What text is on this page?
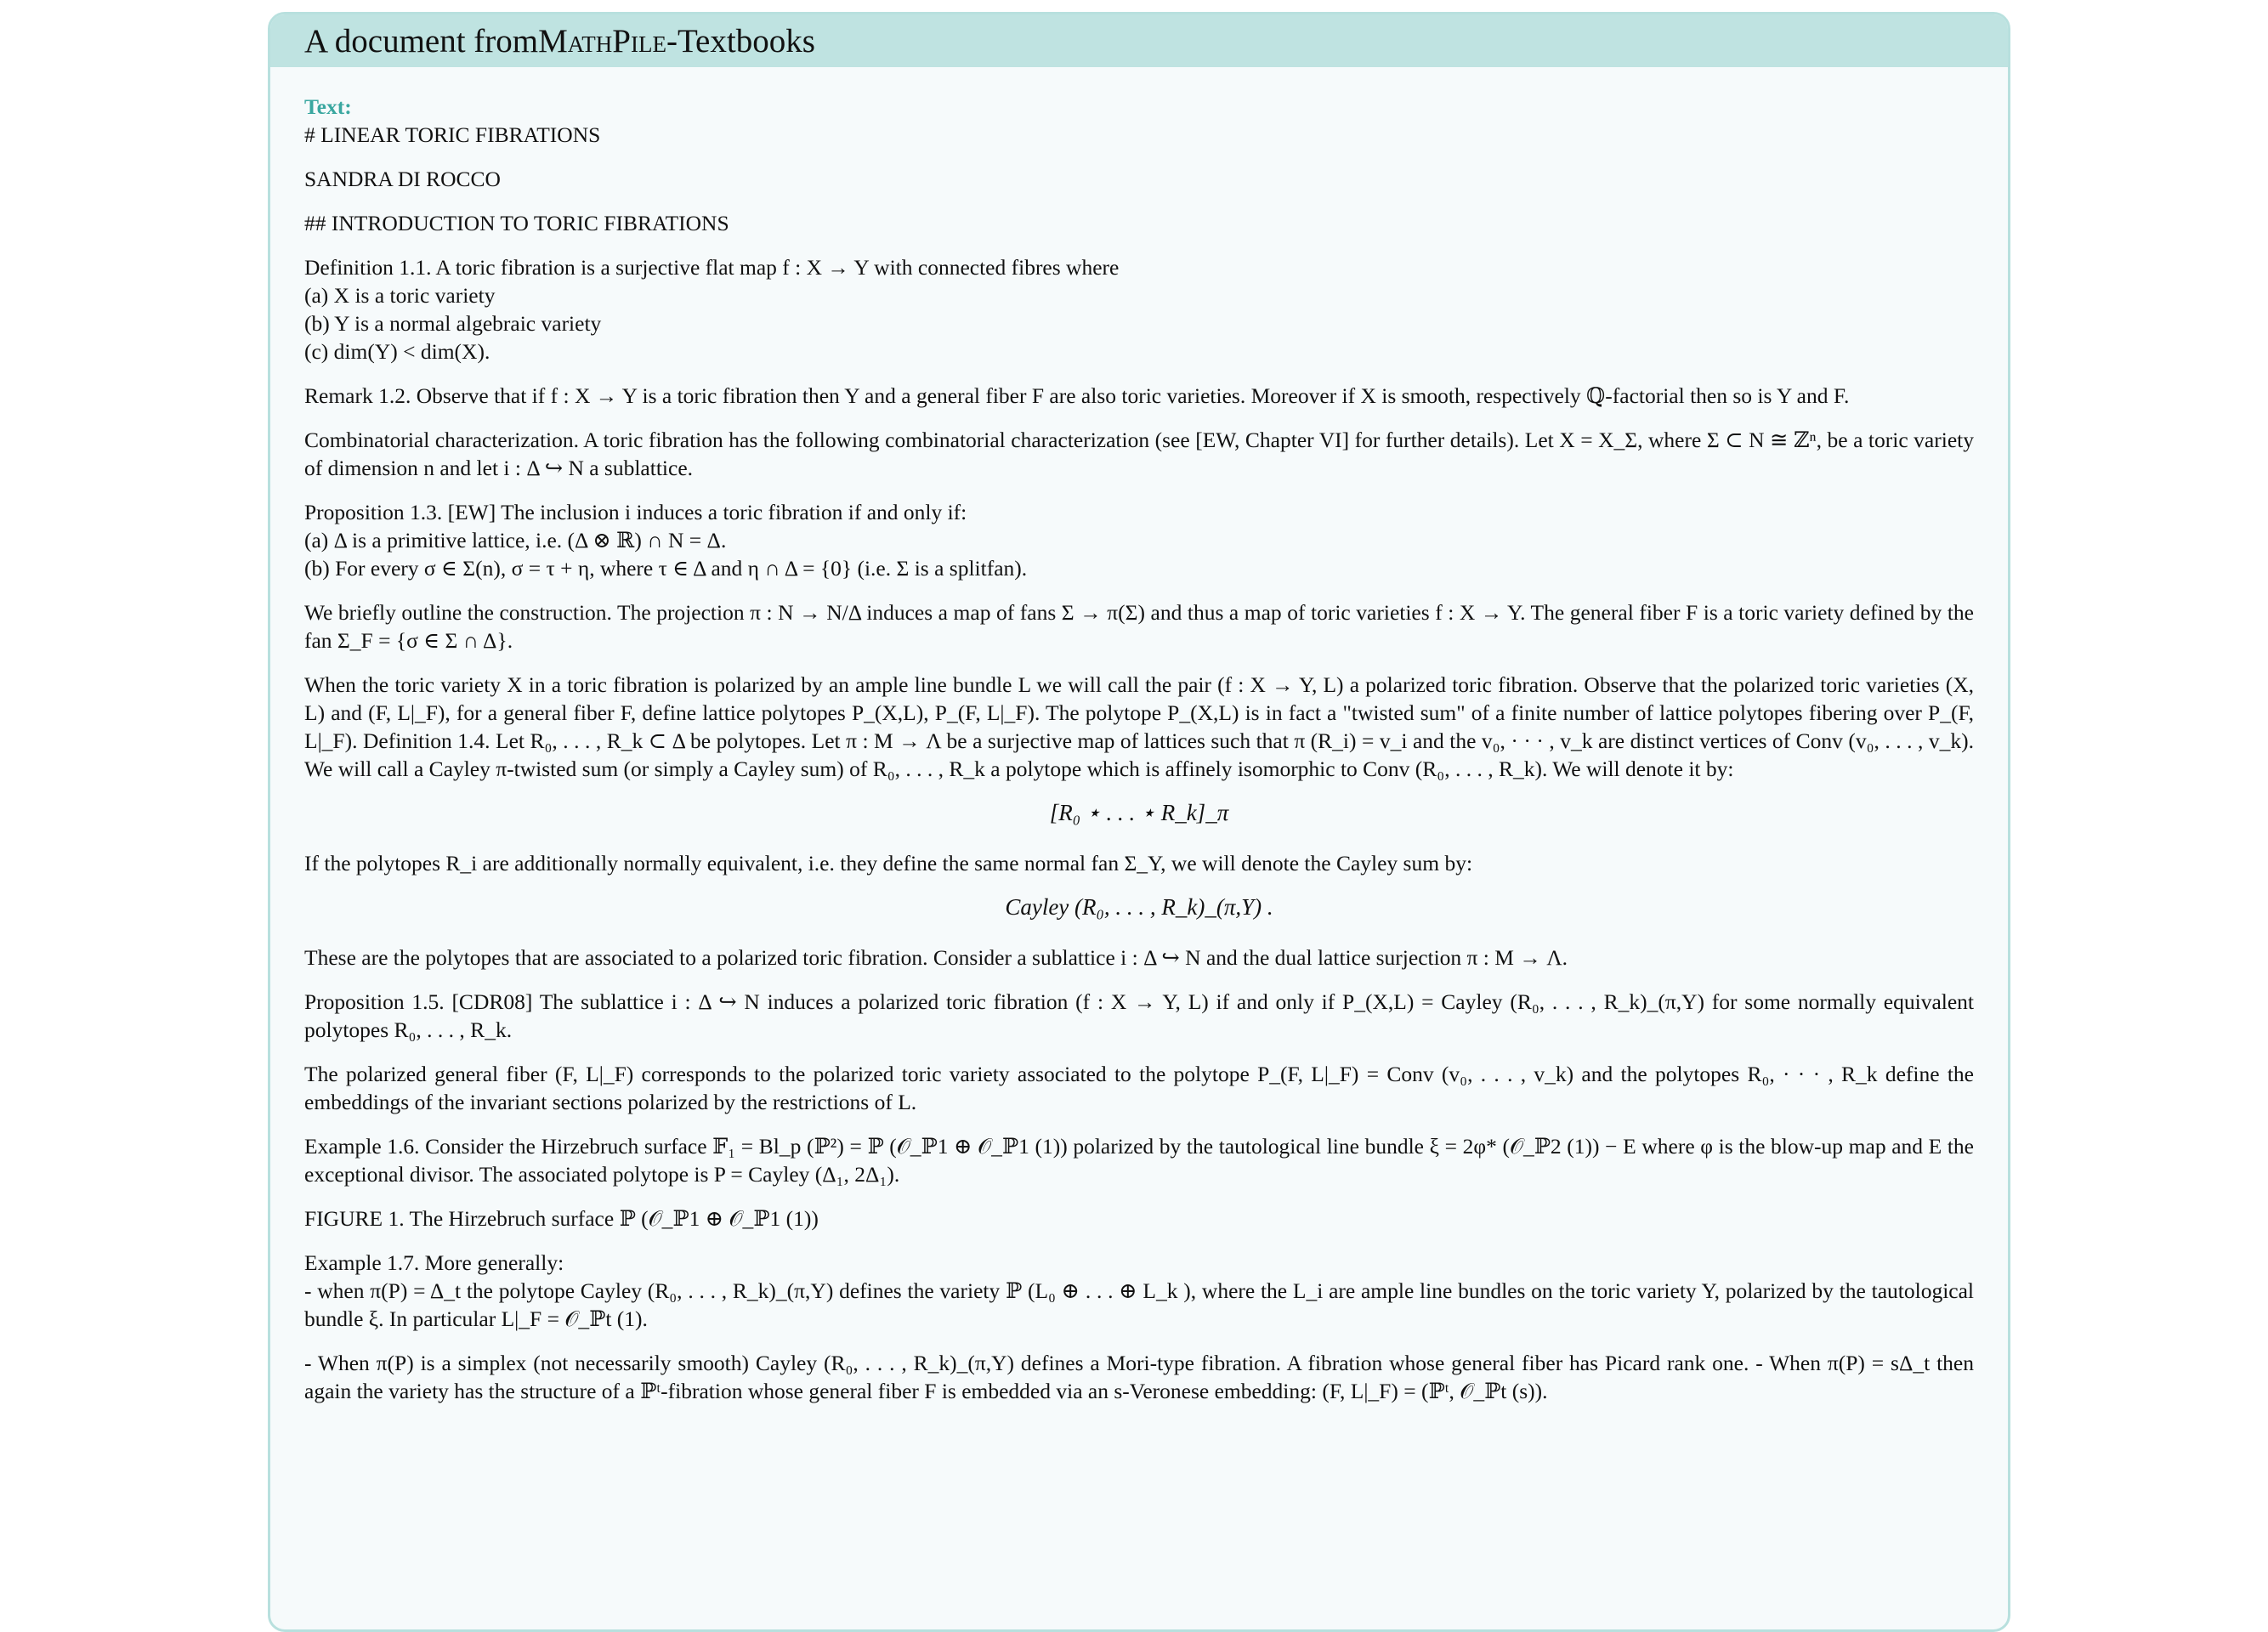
A document from MathPile -Textbooks
Text:

# LINEAR TORIC FIBRATIONS

SANDRA DI ROCCO

## INTRODUCTION TO TORIC FIBRATIONS

Definition 1.1. A toric fibration is a surjective flat map f : X → Y with connected fibres where
(a) X is a toric variety
(b) Y is a normal algebraic variety
(c) dim(Y) < dim(X).

Remark 1.2. Observe that if f : X → Y is a toric fibration then Y and a general fiber F are also toric varieties. Moreover if X is smooth, respectively ℚ-factorial then so is Y and F.

Combinatorial characterization. A toric fibration has the following combinatorial characterization (see [EW, Chapter VI] for further details). Let X = X_Σ, where Σ ⊂ N ≅ ℤⁿ, be a toric variety of dimension n and let i : Δ ↪ N a sublattice.

Proposition 1.3. [EW] The inclusion i induces a toric fibration if and only if:
(a) Δ is a primitive lattice, i.e. (Δ ⊗ ℝ) ∩ N = Δ.
(b) For every σ ∈ Σ(n), σ = τ + η, where τ ∈ Δ and η ∩ Δ = {0} (i.e. Σ is a splitfan).

We briefly outline the construction. The projection π : N → N/Δ induces a map of fans Σ → π(Σ) and thus a map of toric varieties f : X → Y. The general fiber F is a toric variety defined by the fan Σ_F = {σ ∈ Σ ∩ Δ}.

When the toric variety X in a toric fibration is polarized by an ample line bundle L we will call the pair (f : X → Y, L) a polarized toric fibration. Observe that the polarized toric varieties (X, L) and (F, L|_F), for a general fiber F, define lattice polytopes P_(X,L), P_(F, L|_F). The polytope P_(X,L) is in fact a "twisted sum" of a finite number of lattice polytopes fibering over P_(F, L|_F). Definition 1.4. Let R₀, . . . , R_k ⊂ Δ be polytopes. Let π : M → Λ be a surjective map of lattices such that π (R_i) = v_i and the v₀, · · · , v_k are distinct vertices of Conv (v₀, . . . , v_k). We will call a Cayley π-twisted sum (or simply a Cayley sum) of R₀, . . . , R_k a polytope which is affinely isomorphic to Conv (R₀, . . . , R_k). We will denote it by:

[R₀ ⋆ . . . ⋆ R_k]_π

If the polytopes R_i are additionally normally equivalent, i.e. they define the same normal fan Σ_Y, we will denote the Cayley sum by:

Cayley (R₀, . . . , R_k)_(π,Y) .

These are the polytopes that are associated to a polarized toric fibration. Consider a sublattice i : Δ ↪ N and the dual lattice surjection π : M → Λ.

Proposition 1.5. [CDR08] The sublattice i : Δ ↪ N induces a polarized toric fibration (f : X → Y, L) if and only if P_(X,L) = Cayley (R₀, . . . , R_k)_(π,Y) for some normally equivalent polytopes R₀, . . . , R_k.

The polarized general fiber (F, L|_F) corresponds to the polarized toric variety associated to the polytope P_(F, L|_F) = Conv (v₀, . . . , v_k) and the polytopes R₀, · · · , R_k define the embeddings of the invariant sections polarized by the restrictions of L.

Example 1.6. Consider the Hirzebruch surface 𝔽₁ = Bl_p (ℙ²) = ℙ (𝒪_ℙ1 ⊕ 𝒪_ℙ1 (1)) polarized by the tautological line bundle ξ = 2φ* (𝒪_ℙ2 (1)) − E where φ is the blow-up map and E the exceptional divisor. The associated polytope is P = Cayley (Δ₁, 2Δ₁).

FIGURE 1. The Hirzebruch surface ℙ (𝒪_ℙ1 ⊕ 𝒪_ℙ1 (1))

Example 1.7. More generally:

- when π(P) = Δ_t the polytope Cayley (R₀, . . . , R_k)_(π,Y) defines the variety ℙ (L₀ ⊕ . . . ⊕ L_k ), where the L_i are ample line bundles on the toric variety Y, polarized by the tautological bundle ξ. In particular L|_F = 𝒪_ℙt (1).

- When π(P) is a simplex (not necessarily smooth) Cayley (R₀, . . . , R_k)_(π,Y) defines a Mori-type fibration. A fibration whose general fiber has Picard rank one. - When π(P) = sΔ_t then again the variety has the structure of a ℙᵗ-fibration whose general fiber F is embedded via an s-Veronese embedding: (F, L|_F) = (ℙᵗ, 𝒪_ℙt (s)).
